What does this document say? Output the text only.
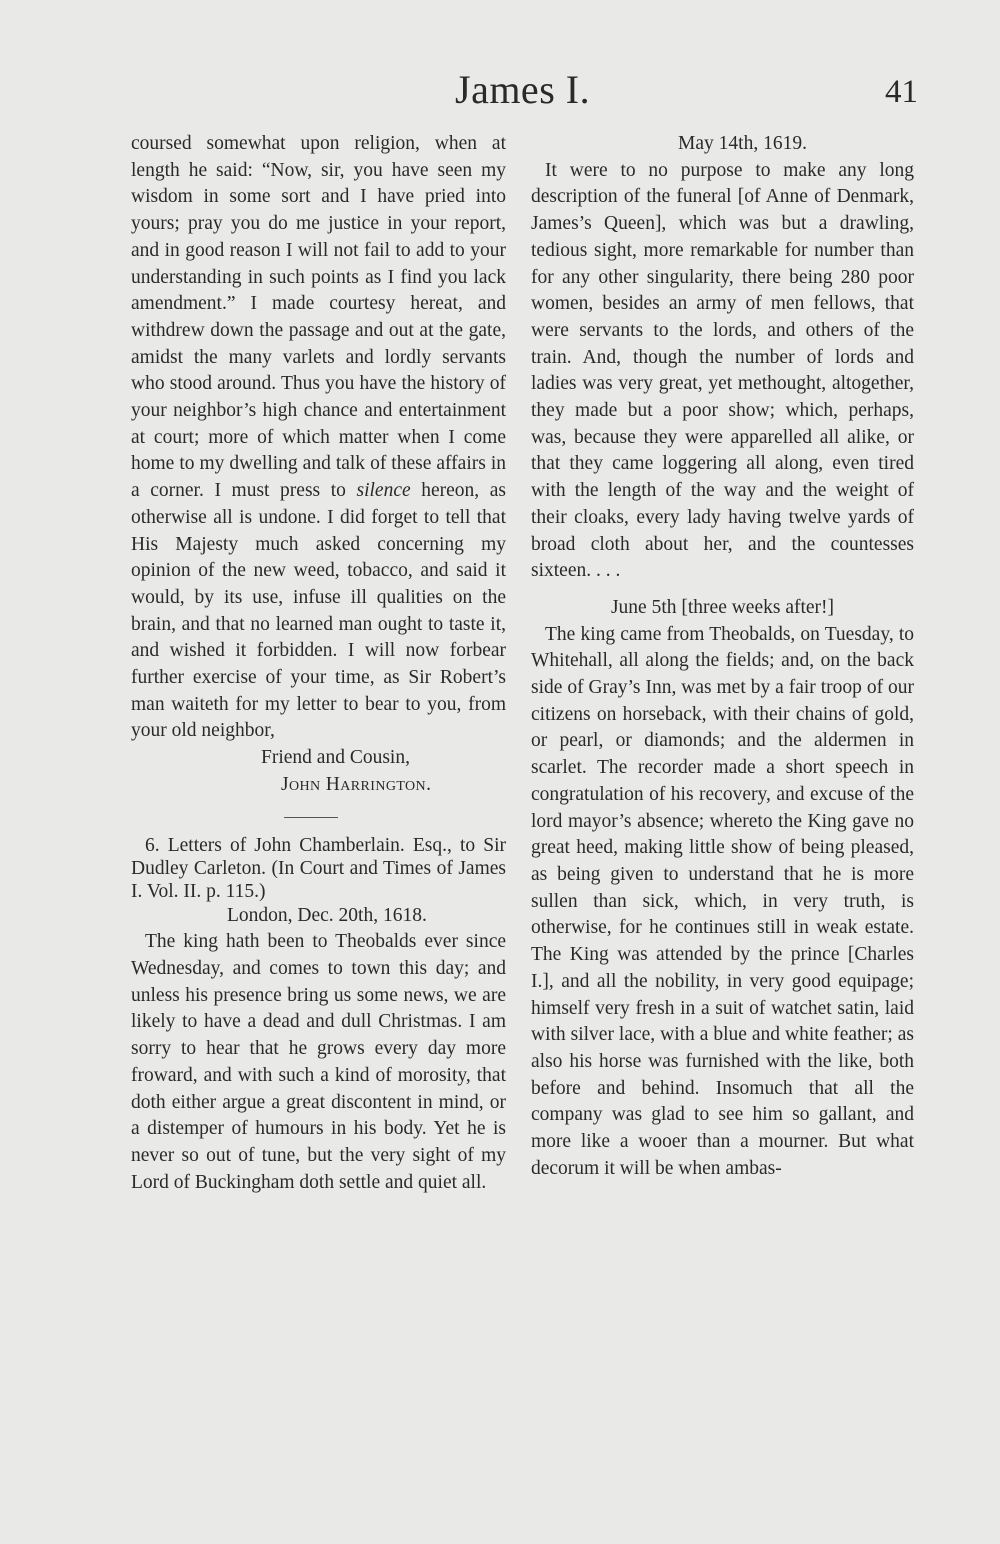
James I.	41

coursed somewhat upon religion, when at length he said: “Now, sir, you have seen my wisdom in some sort and I have pried into yours; pray you do me justice in your report, and in good reason I will not fail to add to your understanding in such points as I find you lack amendment.” I made courtesy hereat, and withdrew down the passage and out at the gate, amidst the many varlets and lordly servants who stood around. Thus you have the history of your neighbor’s high chance and entertainment at court; more of which matter when I come home to my dwelling and talk of these affairs in a corner. I must press to silence hereon, as otherwise all is undone. I did forget to tell that His Majesty much asked concerning my opinion of the new weed, tobacco, and said it would, by its use, infuse ill qualities on the brain, and that no learned man ought to taste it, and wished it forbidden. I will now forbear further exercise of your time, as Sir Robert’s man waiteth for my letter to bear to you, from your old neighbor,

Friend and Cousin,

John Harrington.

6. Letters of John Chamberlain. Esq., to Sir Dudley Carleton. (In Court and Times of James I. Vol. II. p. 115.)

London, Dec. 20th, 1618.

The king hath been to Theobalds ever since Wednesday, and comes to town this day; and unless his presence bring us some news, we are likely to have a dead and dull Christmas. I am sorry to hear that he grows every day more froward, and with such a kind of morosity, that doth either argue a great discontent in mind, or a distemper of humours in his body. Yet he is never so out of tune, but the very sight of my Lord of Buckingham doth settle and quiet all.

May 14th, 1619.

It were to no purpose to make any long description of the funeral [of Anne of Denmark, James’s Queen], which was but a drawling, tedious sight, more remarkable for number than for any other singularity, there being 280 poor women, besides an army of men fellows, that were servants to the lords, and others of the train. And, though the number of lords and ladies was very great, yet methought, altogether, they made but a poor show; which, perhaps, was, because they were apparelled all alike, or that they came loggering all along, even tired with the length of the way and the weight of their cloaks, every lady having twelve yards of broad cloth about her, and the countesses sixteen. . . .

June 5th [three weeks after!]

The king came from Theobalds, on Tuesday, to Whitehall, all along the fields; and, on the back side of Gray’s Inn, was met by a fair troop of our citizens on horseback, with their chains of gold, or pearl, or diamonds; and the aldermen in scarlet. The recorder made a short speech in congratulation of his recovery, and excuse of the lord mayor’s absence; whereto the King gave no great heed, making little show of being pleased, as being given to understand that he is more sullen than sick, which, in very truth, is otherwise, for he continues still in weak estate. The King was attended by the prince [Charles I.], and all the nobility, in very good equipage; himself very fresh in a suit of watchet satin, laid with silver lace, with a blue and white feather; as also his horse was furnished with the like, both before and behind. Insomuch that all the company was glad to see him so gallant, and more like a wooer than a mourner. But what decorum it will be when ambas-
